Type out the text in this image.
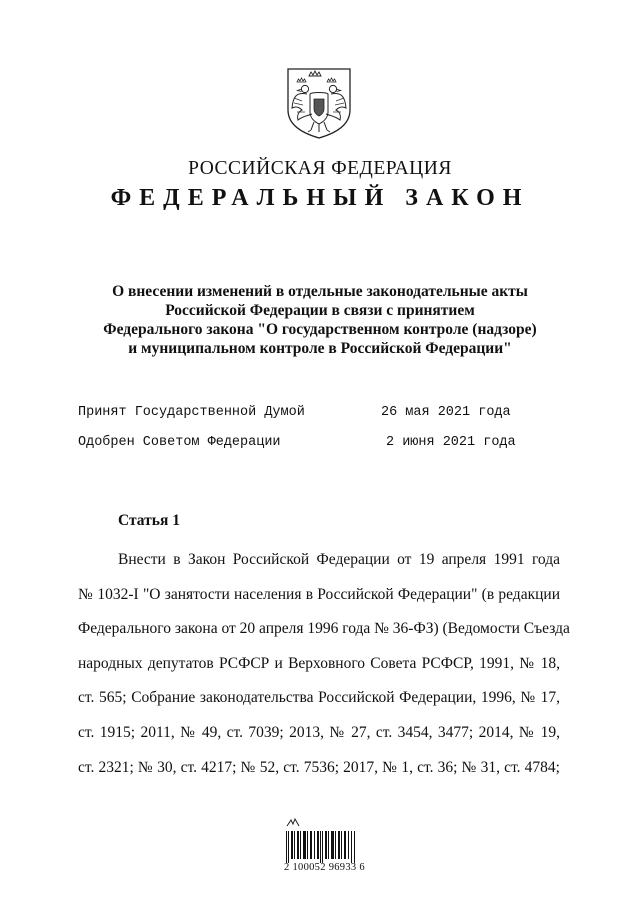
РОССИЙСКАЯ ФЕДЕРАЦИЯ
ФЕДЕРАЛЬНЫЙ ЗАКОН
О внесении изменений в отдельные законодательные акты
Российской Федерации в связи с принятием
Федерального закона "О государственном контроле (надзоре)
и муниципальном контроле в Российской Федерации"
Принят Государственной Думой	26 мая 2021 года
Одобрен Советом Федерации	2 июня 2021 года
Статья 1
Внести в Закон Российской Федерации от 19 апреля 1991 года
№ 1032-I "О занятости населения в Российской Федерации" (в редакции
Федерального закона от 20 апреля 1996 года № 36-ФЗ) (Ведомости Съезда
народных депутатов РСФСР и Верховного Совета РСФСР, 1991, № 18,
ст. 565; Собрание законодательства Российской Федерации, 1996, № 17,
ст. 1915; 2011, № 49, ст. 7039; 2013, № 27, ст. 3454, 3477; 2014, № 19,
ст. 2321; № 30, ст. 4217; № 52, ст. 7536; 2017, № 1, ст. 36; № 31, ст. 4784;
2 100052 96933 6
